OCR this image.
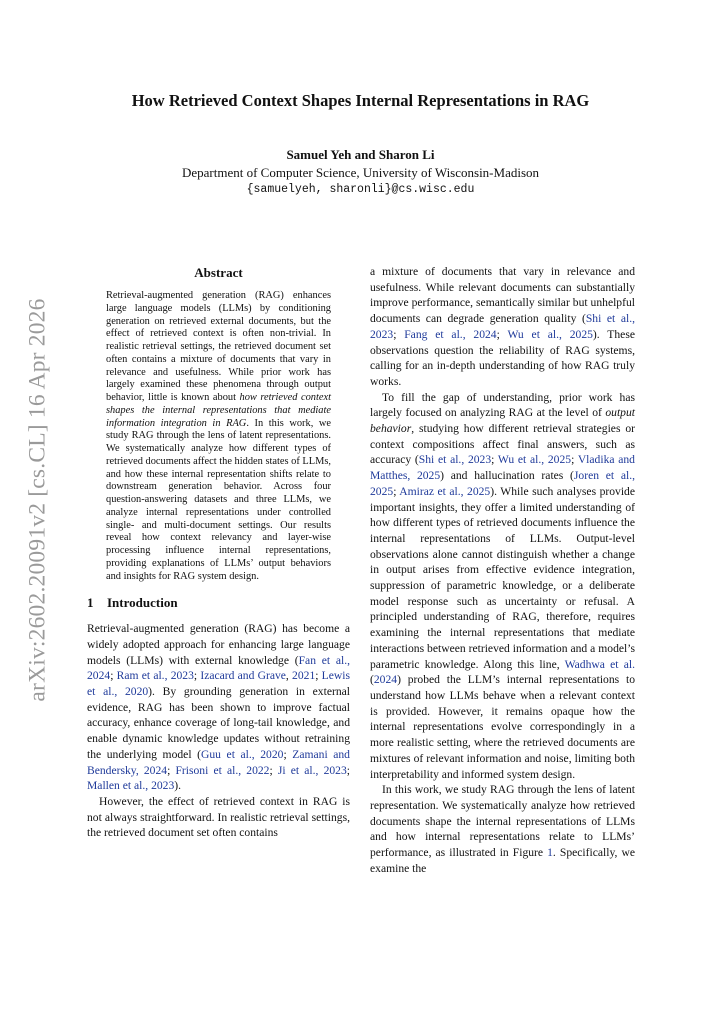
arXiv:2602.20091v2 [cs.CL] 16 Apr 2026
How Retrieved Context Shapes Internal Representations in RAG
Samuel Yeh and Sharon Li
Department of Computer Science, University of Wisconsin-Madison
{samuelyeh, sharonli}@cs.wisc.edu
Abstract

Retrieval-augmented generation (RAG) enhances large language models (LLMs) by conditioning generation on retrieved external documents, but the effect of retrieved context is often non-trivial. In realistic retrieval settings, the retrieved document set often contains a mixture of documents that vary in relevance and usefulness. While prior work has largely examined these phenomena through output behavior, little is known about how retrieved context shapes the internal representations that mediate information integration in RAG. In this work, we study RAG through the lens of latent representations. We systematically analyze how different types of retrieved documents affect the hidden states of LLMs, and how these internal representation shifts relate to downstream generation behavior. Across four question-answering datasets and three LLMs, we analyze internal representations under controlled single- and multi-document settings. Our results reveal how context relevancy and layer-wise processing influence internal representations, providing explanations of LLMs’ output behaviors and insights for RAG system design.

1 Introduction

Retrieval-augmented generation (RAG) has become a widely adopted approach for enhancing large language models (LLMs) with external knowledge (Fan et al., 2024; Ram et al., 2023; Izacard and Grave, 2021; Lewis et al., 2020). By grounding generation in external evidence, RAG has been shown to improve factual accuracy, enhance coverage of long-tail knowledge, and enable dynamic knowledge updates without retraining the underlying model (Guu et al., 2020; Zamani and Bendersky, 2024; Frisoni et al., 2022; Ji et al., 2023; Mallen et al., 2023).

However, the effect of retrieved context in RAG is not always straightforward. In realistic retrieval settings, the retrieved document set often contains

a mixture of documents that vary in relevance and usefulness. While relevant documents can substantially improve performance, semantically similar but unhelpful documents can degrade generation quality (Shi et al., 2023; Fang et al., 2024; Wu et al., 2025). These observations question the reliability of RAG systems, calling for an in-depth understanding of how RAG truly works.

To fill the gap of understanding, prior work has largely focused on analyzing RAG at the level of output behavior, studying how different retrieval strategies or context compositions affect final answers, such as accuracy (Shi et al., 2023; Wu et al., 2025; Vladika and Matthes, 2025) and hallucination rates (Joren et al., 2025; Amiraz et al., 2025). While such analyses provide important insights, they offer a limited understanding of how different types of retrieved documents influence the internal representations of LLMs. Output-level observations alone cannot distinguish whether a change in output arises from effective evidence integration, suppression of parametric knowledge, or a deliberate model response such as uncertainty or refusal. A principled understanding of RAG, therefore, requires examining the internal representations that mediate interactions between retrieved information and a model’s parametric knowledge. Along this line, Wadhwa et al. (2024) probed the LLM’s internal representations to understand how LLMs behave when a relevant context is provided. However, it remains opaque how the internal representations evolve correspondingly in a more realistic setting, where the retrieved documents are mixtures of relevant information and noise, limiting both interpretability and informed system design.

In this work, we study RAG through the lens of latent representation. We systematically analyze how retrieved documents shape the internal representations of LLMs and how internal representations relate to LLMs’ performance, as illustrated in Figure 1. Specifically, we examine the
